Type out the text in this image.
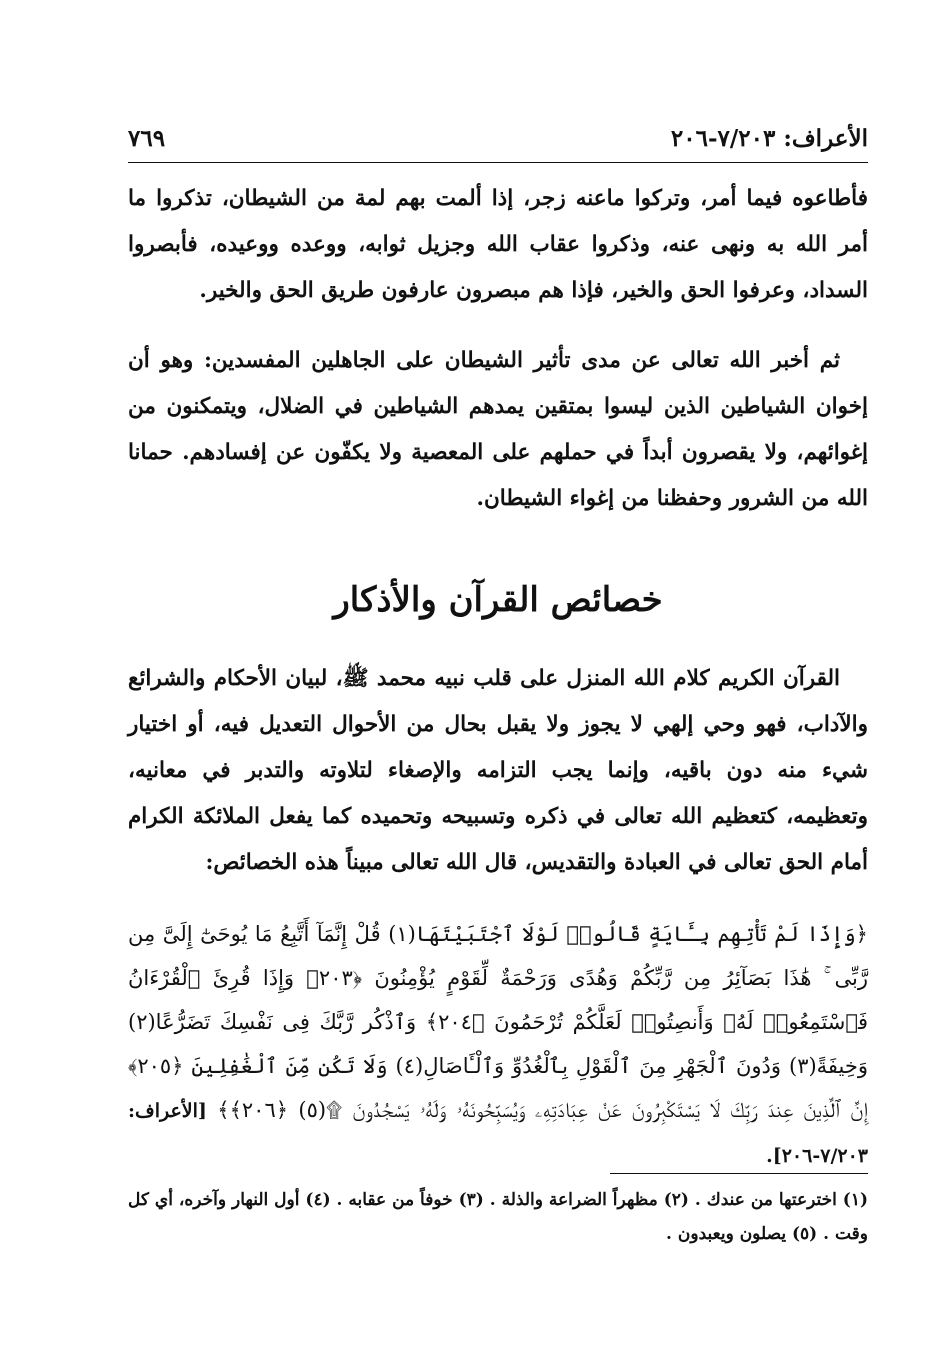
الأعراف: ٧/٢٠٣-٢٠٦
٧٦٩

فأطاعوه فيما أمر، وتركوا ماعنه زجر، إذا ألمت بهم لمة من الشيطان، تذكروا ما أمر الله به ونهى عنه، وذكروا عقاب الله وجزيل ثوابه، ووعده ووعيده، فأبصروا السداد، وعرفوا الحق والخير، فإذا هم مبصرون عارفون طريق الحق والخير.

ثم أخبر الله تعالى عن مدى تأثير الشيطان على الجاهلين المفسدين: وهو أن إخوان الشياطين الذين ليسوا بمتقين يمدهم الشياطين في الضلال، ويتمكنون من إغوائهم، ولا يقصرون أبداً في حملهم على المعصية ولا يكفّون عن إفسادهم. حمانا الله من الشرور وحفظنا من إغواء الشيطان.

خصائص القرآن والأذكار

القرآن الكريم كلام الله المنزل على قلب نبيه محمد ﷺ، لبيان الأحكام والشرائع والآداب، فهو وحي إلهي لا يجوز ولا يقبل بحال من الأحوال التعديل فيه، أو اختيار شيء منه دون باقيه، وإنما يجب التزامه والإصغاء لتلاوته والتدبر في معانيه، وتعظيمه، كتعظيم الله تعالى في ذكره وتسبيحه وتحميده كما يفعل الملائكة الكرام أمام الحق تعالى في العبادة والتقديس، قال الله تعالى مبيناً هذه الخصائص:

﴿وَإِذَا لَمْ تَأْتِهِم بِـَٔايَةٍ قَالُوا۟ لَوْلَا ٱجْتَبَيْتَهَا(١) قُلْ إِنَّمَآ أَتَّبِعُ مَا يُوحَىٰٓ إِلَىَّ مِن رَّبِّى ۚ هَٰذَا بَصَآئِرُ مِن رَّبِّكُمْ وَهُدًى وَرَحْمَةٌ لِّقَوْمٍ يُؤْمِنُونَ ﴿٢٠٣﴾ وَإِذَا قُرِئَ ٱلْقُرْءَانُ فَٱسْتَمِعُوا۟ لَهُۥ وَأَنصِتُوا۟ لَعَلَّكُمْ تُرْحَمُونَ ﴿٢٠٤﴾ وَٱذْكُر رَّبَّكَ فِى نَفْسِكَ تَضَرُّعًا(٢) وَخِيفَةً(٣) وَدُونَ ٱلْجَهْرِ مِنَ ٱلْقَوْلِ بِٱلْغُدُوِّ وَٱلْـَٔاصَالِ(٤) وَلَا تَكُن مِّنَ ٱلْغَٰفِلِينَ ﴿٢٠٥﴾ إِنَّ ٱلَّذِينَ عِندَ رَبِّكَ لَا يَسْتَكْبِرُونَ عَنْ عِبَادَتِهِۦ وَيُسَبِّحُونَهُۥ وَلَهُۥ يَسْجُدُونَ ۩(٥) ﴿٢٠٦﴾﴾ [الأعراف: ٧/٢٠٣-٢٠٦].

(١) اخترعتها من عندك . (٢) مظهراً الضراعة والذلة . (٣) خوفاً من عقابه . (٤) أول النهار وآخره، أي كل وقت . (٥) يصلون ويعبدون .
